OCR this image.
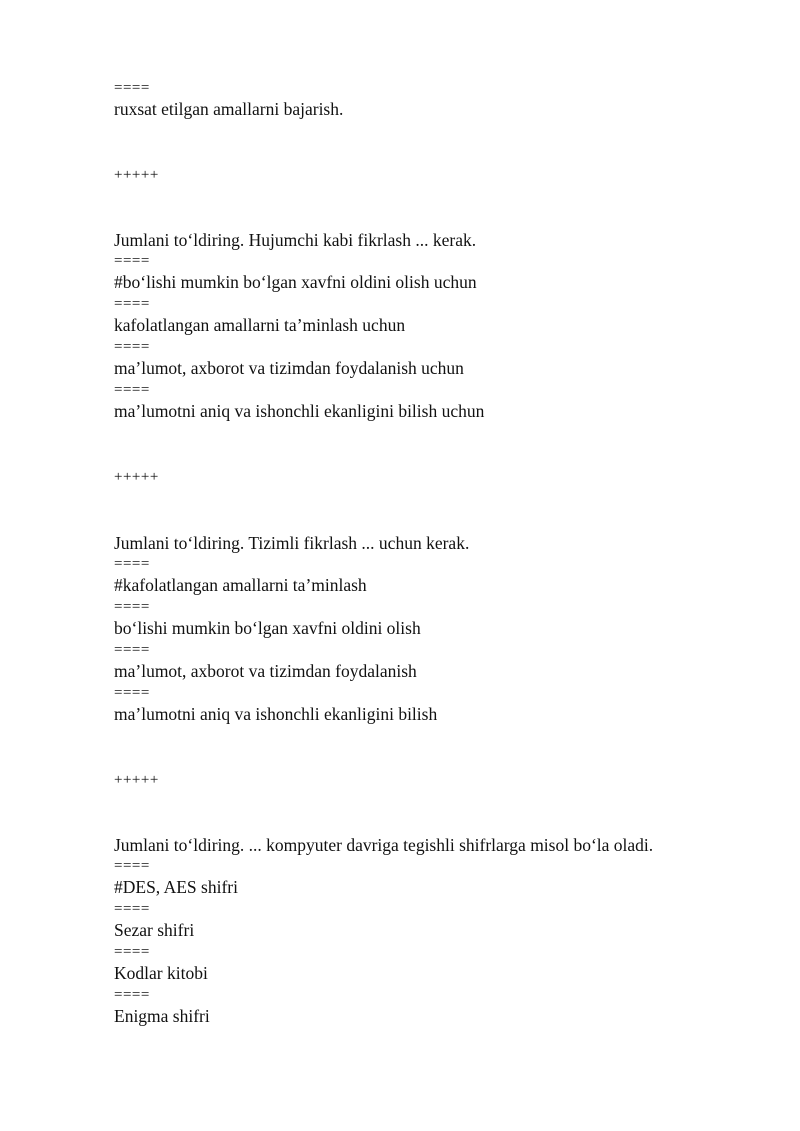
====
ruxsat etilgan amallarni bajarish.
+++++
Jumlani to‘ldiring. Hujumchi kabi fikrlash ... kerak.
====
#bo‘lishi mumkin bo‘lgan xavfni oldini olish uchun
====
kafolatlangan amallarni ta’minlash uchun
====
ma’lumot, axborot va tizimdan foydalanish uchun
====
ma’lumotni aniq va ishonchli ekanligini bilish uchun
+++++
Jumlani to‘ldiring. Tizimli fikrlash ... uchun kerak.
====
#kafolatlangan amallarni ta’minlash
====
bo‘lishi mumkin bo‘lgan xavfni oldini olish
====
ma’lumot, axborot va tizimdan foydalanish
====
ma’lumotni aniq va ishonchli ekanligini bilish
+++++
Jumlani to‘ldiring. ... kompyuter davriga tegishli shifrlarga misol bo‘la oladi.
====
#DES, AES shifri
====
Sezar shifri
====
Kodlar kitobi
====
Enigma shifri
